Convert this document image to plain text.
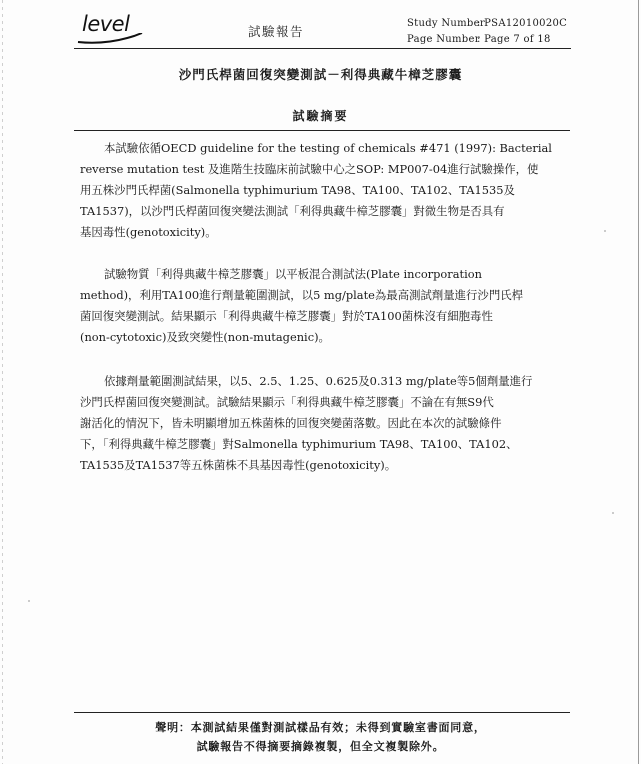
level	試驗報告
Study Number: PSA12010020C
Page Number: Page 7 of 18
沙門氏桿菌回復突變測試－利得典藏牛樟芝膠囊
試驗摘要
本試驗依循OECD guideline for the testing of chemicals #471 (1997): Bacterial
reverse mutation test 及進階生技臨床前試驗中心之SOP: MP007-04進行試驗操作，使
用五株沙門氏桿菌(Salmonella typhimurium TA98、TA100、TA102、TA1535及
TA1537)，以沙門氏桿菌回復突變法測試「利得典藏牛樟芝膠囊」對微生物是否具有
基因毒性(genotoxicity)。
試驗物質「利得典藏牛樟芝膠囊」以平板混合測試法(Plate incorporation
method)，利用TA100進行劑量範圍測試，以5 mg/plate為最高測試劑量進行沙門氏桿
菌回復突變測試。結果顯示「利得典藏牛樟芝膠囊」對於TA100菌株沒有細胞毒性
(non-cytotoxic)及致突變性(non-mutagenic)。
依據劑量範圍測試結果，以5、2.5、1.25、0.625及0.313 mg/plate等5個劑量進行
沙門氏桿菌回復突變測試。試驗結果顯示「利得典藏牛樟芝膠囊」不論在有無S9代
謝活化的情況下，皆未明顯增加五株菌株的回復突變菌落數。因此在本次的試驗條件
下，「利得典藏牛樟芝膠囊」對Salmonella typhimurium TA98、TA100、TA102、
TA1535及TA1537等五株菌株不具基因毒性(genotoxicity)。
聲明：本測試結果僅對測試樣品有效；未得到實驗室書面同意，
試驗報告不得摘要摘錄複製，但全文複製除外。
